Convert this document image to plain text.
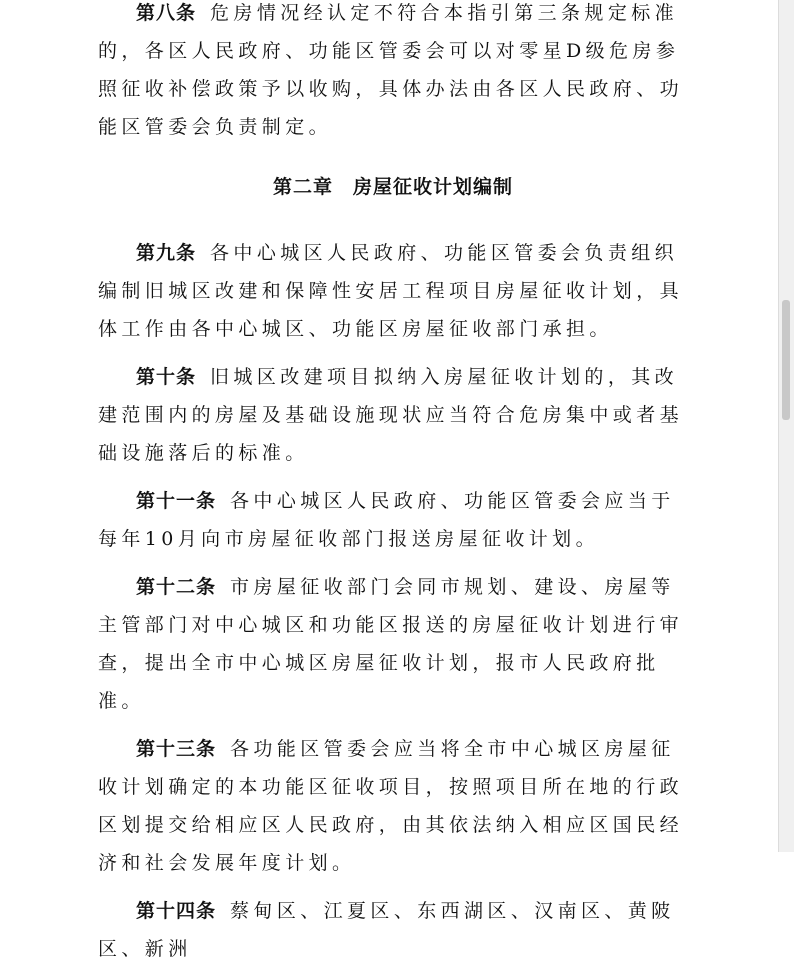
第八条 危房情况经认定不符合本指引第三条规定标准的，各区人民政府、功能区管委会可以对零星D级危房参照征收补偿政策予以收购，具体办法由各区人民政府、功能区管委会负责制定。

第二章 房屋征收计划编制

第九条 各中心城区人民政府、功能区管委会负责组织编制旧城区改建和保障性安居工程项目房屋征收计划，具体工作由各中心城区、功能区房屋征收部门承担。

第十条 旧城区改建项目拟纳入房屋征收计划的，其改建范围内的房屋及基础设施现状应当符合危房集中或者基础设施落后的标准。

第十一条 各中心城区人民政府、功能区管委会应当于每年10月向市房屋征收部门报送房屋征收计划。

第十二条 市房屋征收部门会同市规划、建设、房屋等主管部门对中心城区和功能区报送的房屋征收计划进行审查，提出全市中心城区房屋征收计划，报市人民政府批准。

第十三条 各功能区管委会应当将全市中心城区房屋征收计划确定的本功能区征收项目，按照项目所在地的行政区划提交给相应区人民政府，由其依法纳入相应区国民经济和社会发展年度计划。

第十四条 蔡甸区、江夏区、东西湖区、汉南区、黄陂区、新洲
